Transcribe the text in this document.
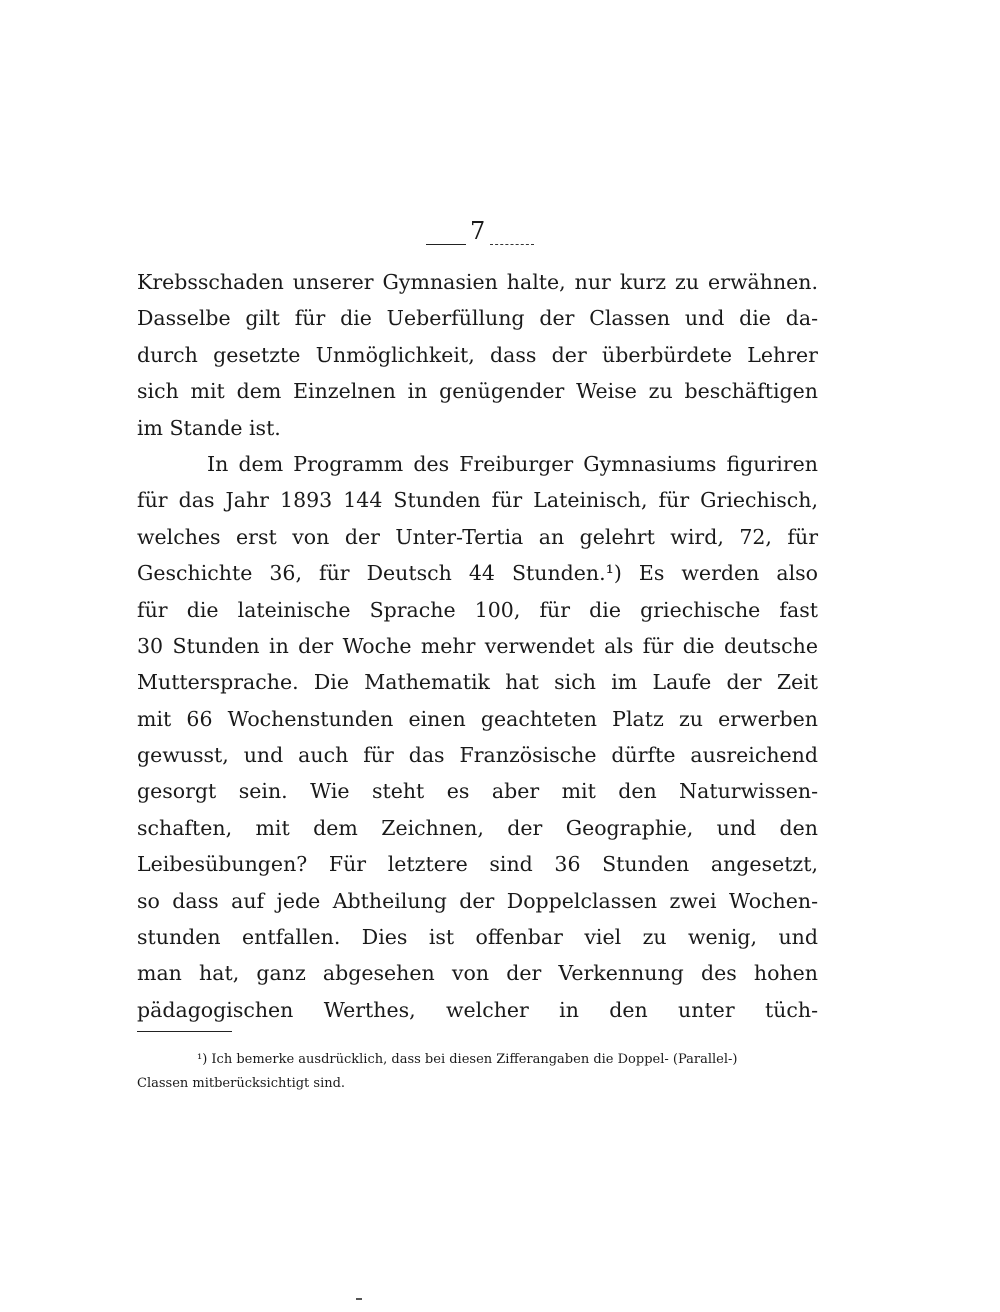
7
Krebsschaden unserer Gymnasien halte, nur kurz zu erwähnen.
Dasselbe gilt für die Ueberfüllung der Classen und die da-
durch gesetzte Unmöglichkeit, dass der überbürdete Lehrer
sich mit dem Einzelnen in genügender Weise zu beschäftigen
im Stande ist.
In dem Programm des Freiburger Gymnasiums figuriren
für das Jahr 1893 144 Stunden für Lateinisch, für Griechisch,
welches erst von der Unter-Tertia an gelehrt wird, 72, für
Geschichte 36, für Deutsch 44 Stunden.¹) Es werden also
für die lateinische Sprache 100, für die griechische fast
30 Stunden in der Woche mehr verwendet als für die deutsche
Muttersprache. Die Mathematik hat sich im Laufe der Zeit
mit 66 Wochenstunden einen geachteten Platz zu erwerben
gewusst, und auch für das Französische dürfte ausreichend
gesorgt sein. Wie steht es aber mit den Naturwissen-
schaften, mit dem Zeichnen, der Geographie, und den
Leibesübungen? Für letztere sind 36 Stunden angesetzt,
so dass auf jede Abtheilung der Doppelclassen zwei Wochen-
stunden entfallen. Dies ist offenbar viel zu wenig, und
man hat, ganz abgesehen von der Verkennung des hohen
pädagogischen Werthes, welcher in den unter tüch-
¹) Ich bemerke ausdrücklich, dass bei diesen Zifferangaben die Doppel- (Parallel-)
Classen mitberücksichtigt sind.
